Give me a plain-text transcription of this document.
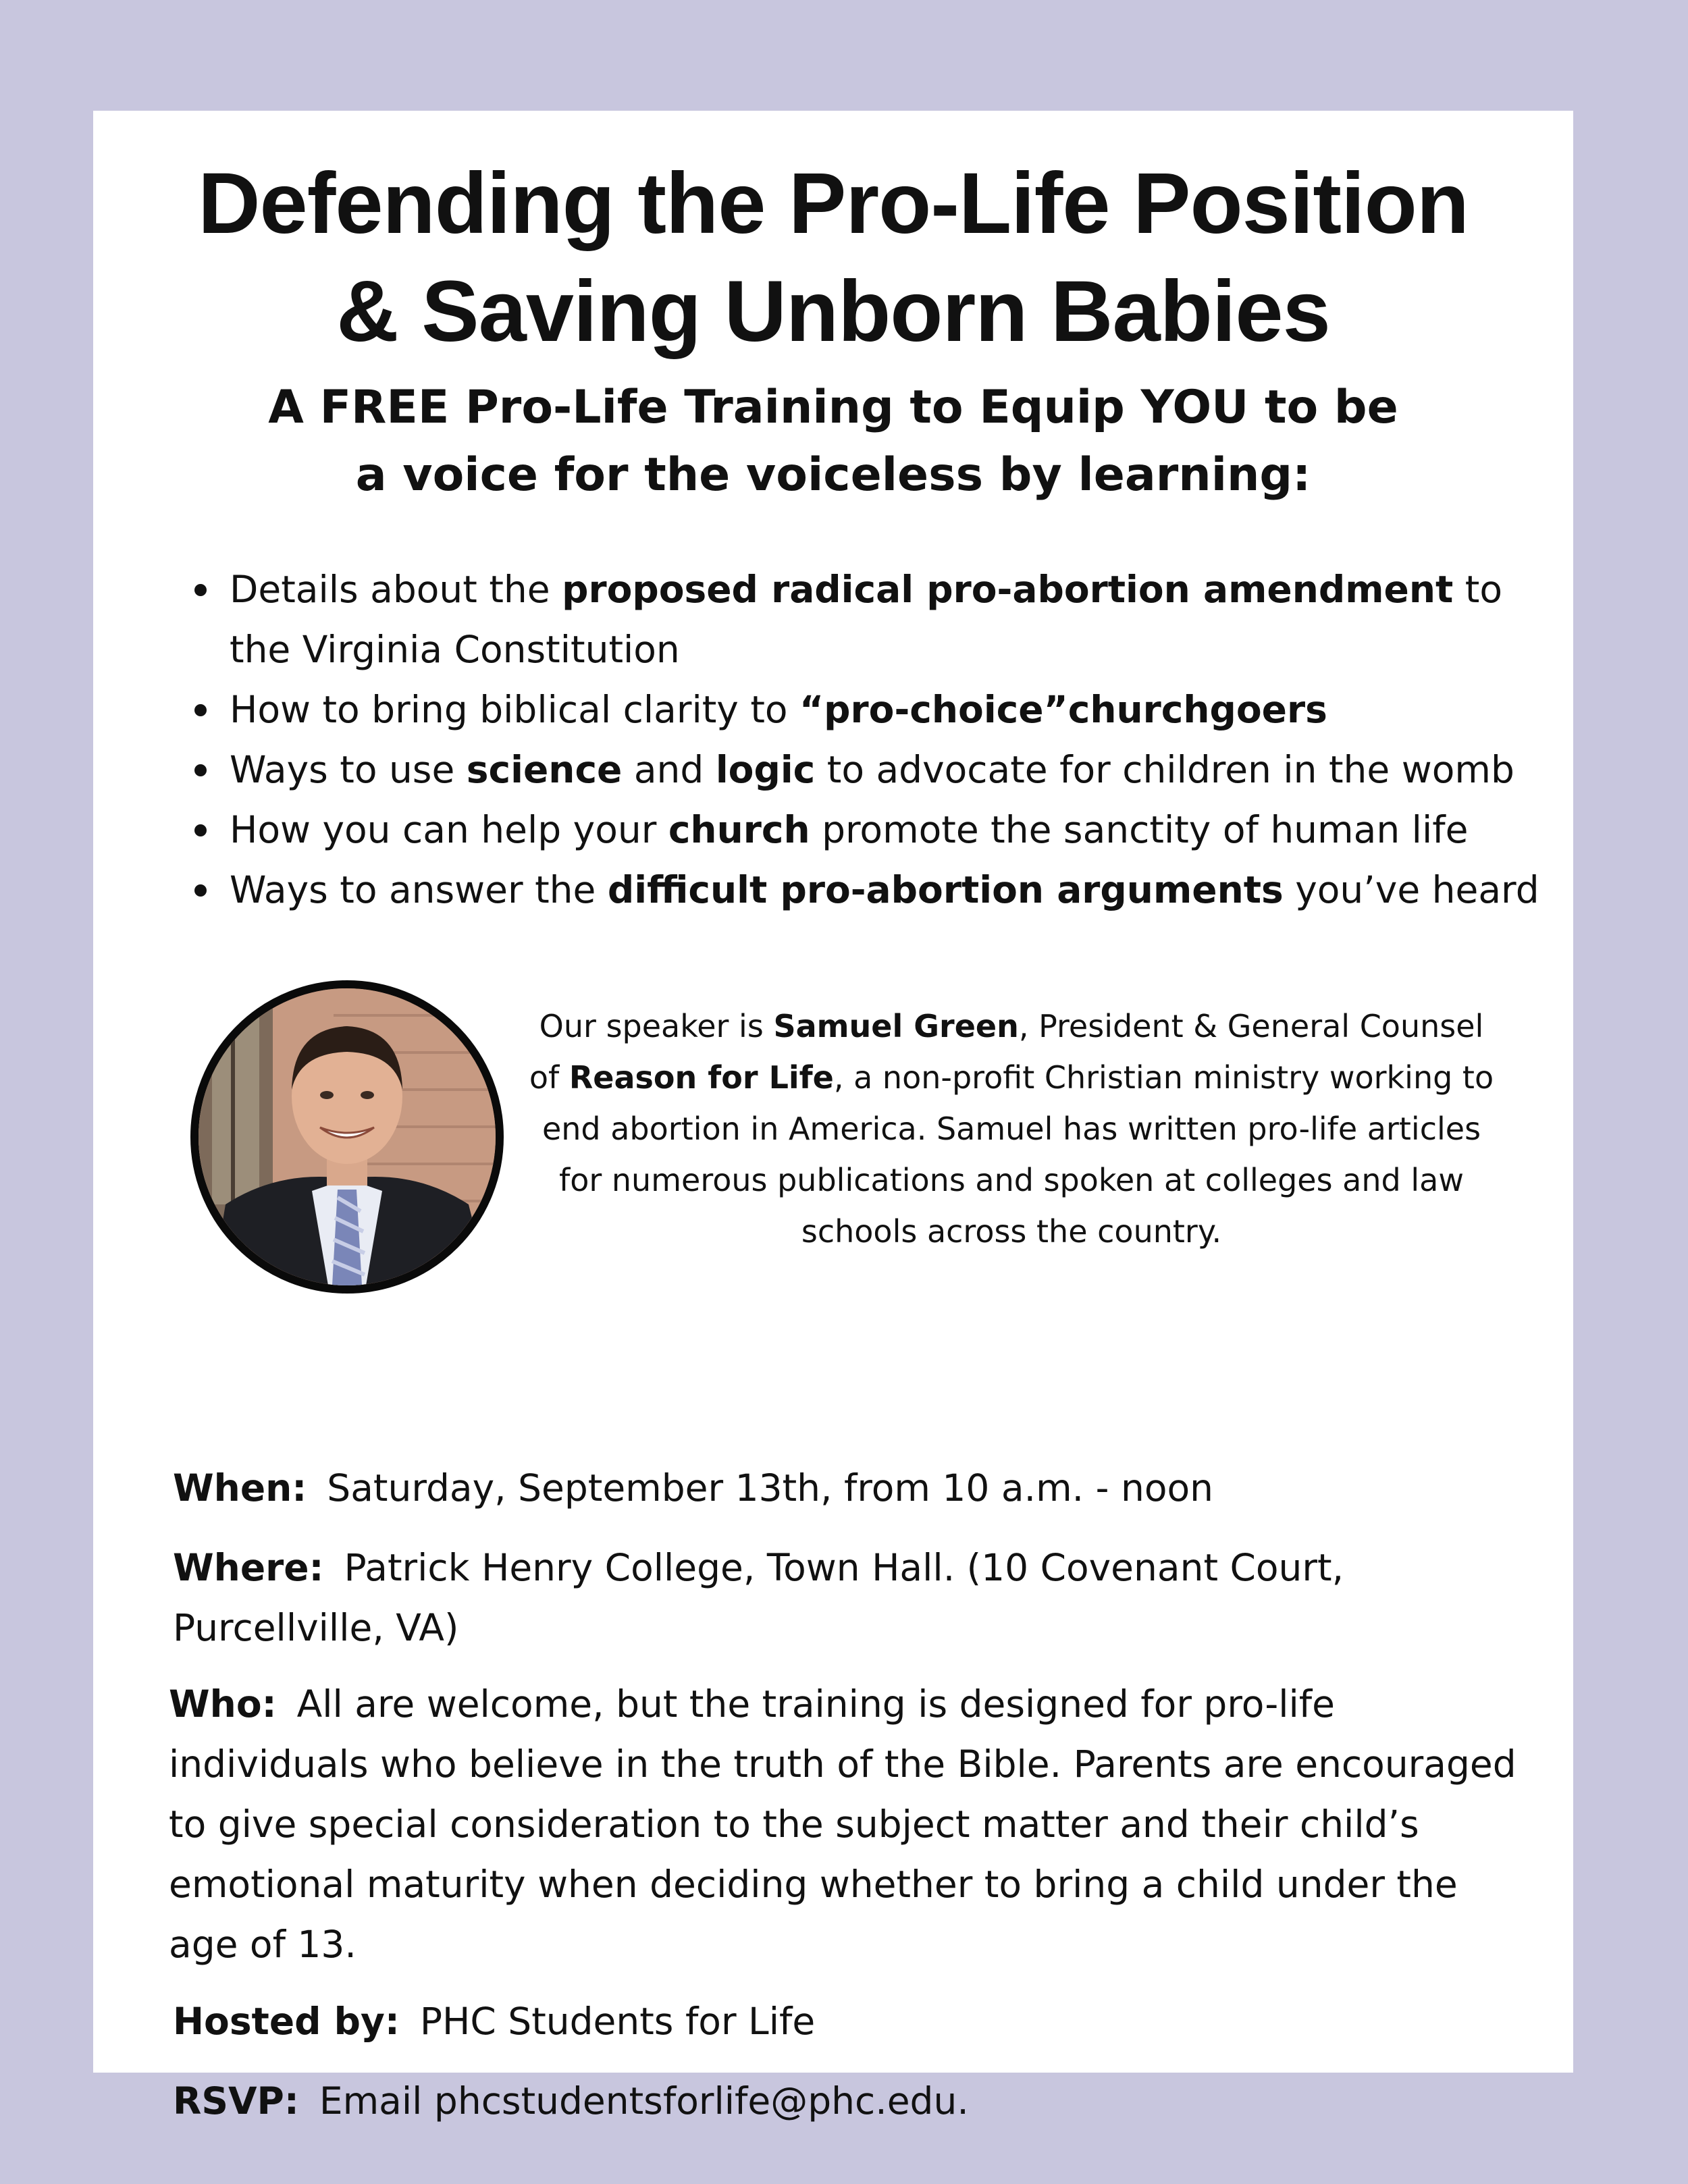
Defending the Pro-Life Position
& Saving Unborn Babies
A FREE Pro-Life Training to Equip YOU to be
a voice for the voiceless by learning:
Details about the proposed radical pro-abortion amendment to the Virginia Constitution
How to bring biblical clarity to “pro-choice”churchgoers
Ways to use science and logic to advocate for children in the womb
How you can help your church promote the sanctity of human life
Ways to answer the difficult pro-abortion arguments you’ve heard

Our speaker is Samuel Green, President & General Counsel of Reason for Life, a non-profit Christian ministry working to end abortion in America. Samuel has written pro-life articles for numerous publications and spoken at colleges and law schools across the country.

When: Saturday, September 13th, from 10 a.m. - noon

Where: Patrick Henry College, Town Hall. (10 Covenant Court, Purcellville, VA)

Who: All are welcome, but the training is designed for pro-life individuals who believe in the truth of the Bible. Parents are encouraged to give special consideration to the subject matter and their child’s emotional maturity when deciding whether to bring a child under the age of 13.

Hosted by: PHC Students for Life

RSVP: Email phcstudentsforlife@phc.edu.
